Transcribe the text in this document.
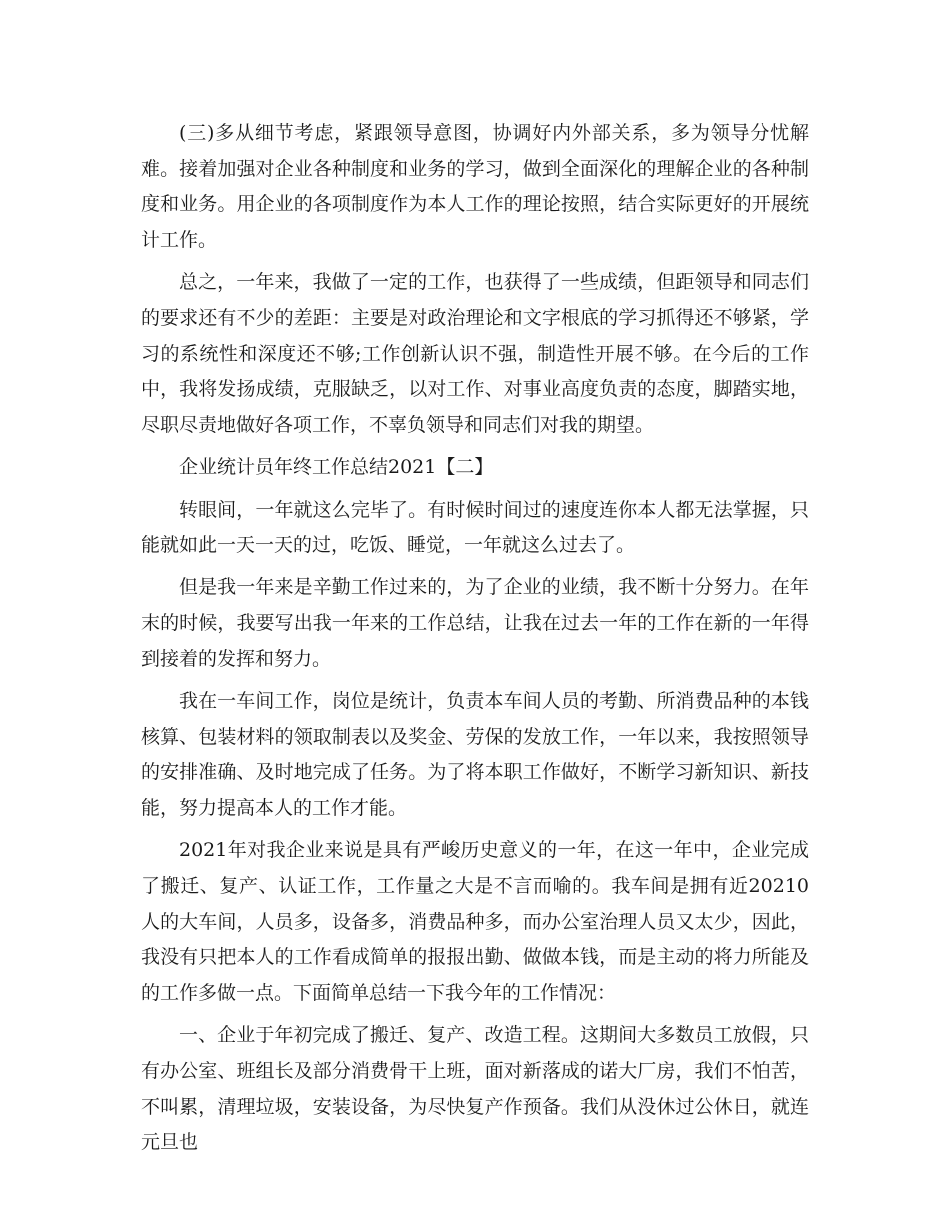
(三)多从细节考虑，紧跟领导意图，协调好内外部关系，多为领导分忧解难。接着加强对企业各种制度和业务的学习，做到全面深化的理解企业的各种制度和业务。用企业的各项制度作为本人工作的理论按照，结合实际更好的开展统计工作。

总之，一年来，我做了一定的工作，也获得了一些成绩，但距领导和同志们的要求还有不少的差距：主要是对政治理论和文字根底的学习抓得还不够紧，学习的系统性和深度还不够;工作创新认识不强，制造性开展不够。在今后的工作中，我将发扬成绩，克服缺乏，以对工作、对事业高度负责的态度，脚踏实地，尽职尽责地做好各项工作，不辜负领导和同志们对我的期望。

企业统计员年终工作总结2021【二】

转眼间，一年就这么完毕了。有时候时间过的速度连你本人都无法掌握，只能就如此一天一天的过，吃饭、睡觉，一年就这么过去了。

但是我一年来是辛勤工作过来的，为了企业的业绩，我不断十分努力。在年末的时候，我要写出我一年来的工作总结，让我在过去一年的工作在新的一年得到接着的发挥和努力。

我在一车间工作，岗位是统计，负责本车间人员的考勤、所消费品种的本钱核算、包装材料的领取制表以及奖金、劳保的发放工作，一年以来，我按照领导的安排准确、及时地完成了任务。为了将本职工作做好，不断学习新知识、新技能，努力提高本人的工作才能。

2021年对我企业来说是具有严峻历史意义的一年，在这一年中，企业完成了搬迁、复产、认证工作，工作量之大是不言而喻的。我车间是拥有近20210人的大车间，人员多，设备多，消费品种多，而办公室治理人员又太少，因此，我没有只把本人的工作看成简单的报报出勤、做做本钱，而是主动的将力所能及的工作多做一点。下面简单总结一下我今年的工作情况：

一、企业于年初完成了搬迁、复产、改造工程。这期间大多数员工放假，只有办公室、班组长及部分消费骨干上班，面对新落成的诺大厂房，我们不怕苦，不叫累，清理垃圾，安装设备，为尽快复产作预备。我们从没休过公休日，就连元旦也
